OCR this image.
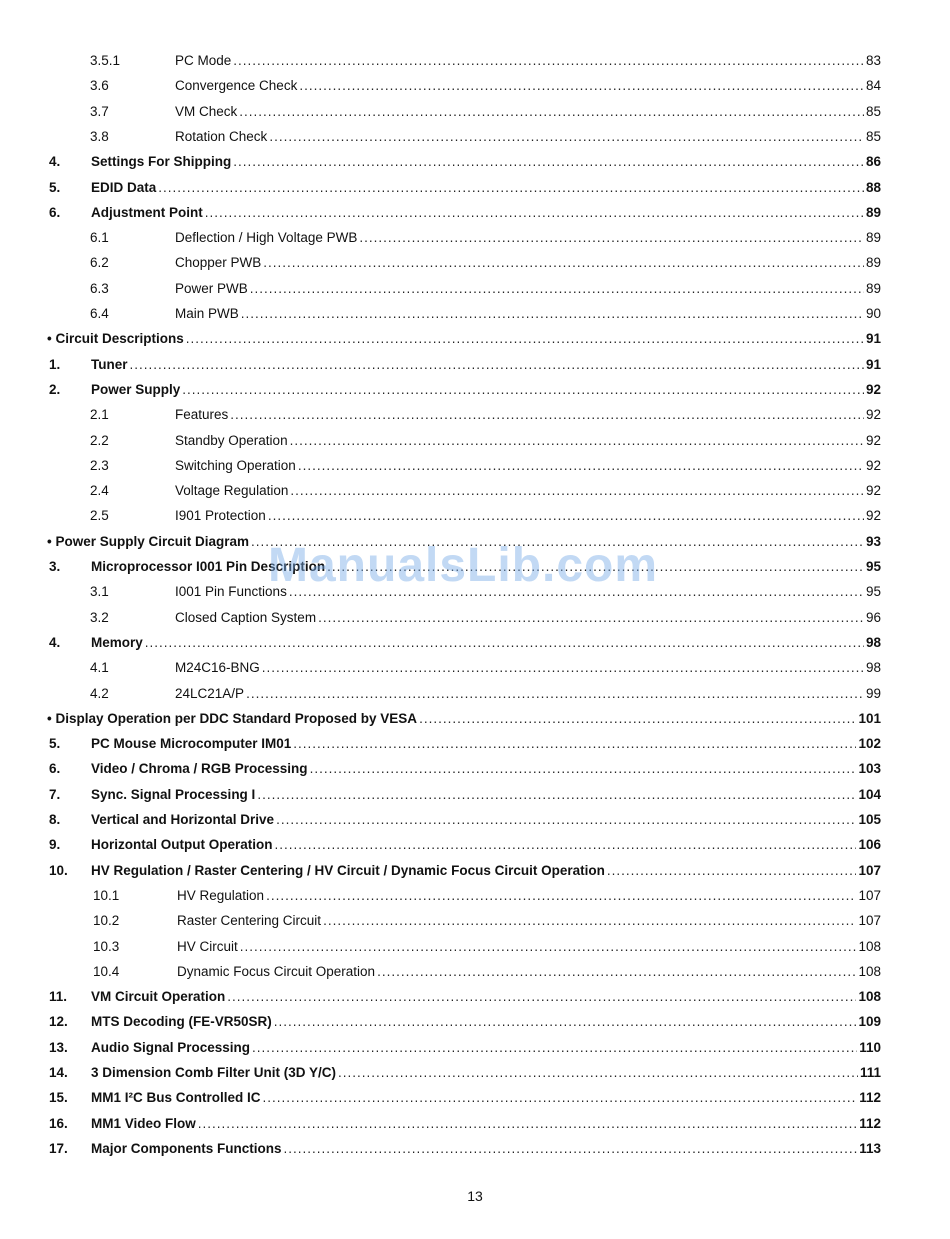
3.5.1	PC Mode .....	83
3.6	Convergence Check .....	84
3.7	VM Check .....	85
3.8	Rotation Check .....	85
4.	Settings For Shipping .....	86
5.	EDID Data .....	88
6.	Adjustment Point .....	89
6.1	Deflection / High Voltage PWB .....	89
6.2	Chopper PWB .....	89
6.3	Power PWB .....	89
6.4	Main PWB .....	90
• Circuit Descriptions .....	91
1.	Tuner .....	91
2.	Power Supply .....	92
2.1	Features .....	92
2.2	Standby Operation .....	92
2.3	Switching Operation .....	92
2.4	Voltage Regulation .....	92
2.5	I901 Protection .....	92
• Power Supply Circuit Diagram .....	93
3.	Microprocessor I001 Pin Description .....	95
3.1	I001 Pin Functions .....	95
3.2	Closed Caption System .....	96
4.	Memory .....	98
4.1	M24C16-BNG .....	98
4.2	24LC21A/P .....	99
• Display Operation per DDC Standard Proposed by VESA .....	101
5.	PC Mouse Microcomputer IM01 .....	102
6.	Video / Chroma / RGB Processing .....	103
7.	Sync. Signal Processing I .....	104
8.	Vertical and Horizontal Drive .....	105
9.	Horizontal Output Operation .....	106
10.	HV Regulation / Raster Centering / HV Circuit / Dynamic Focus Circuit Operation .....	107
10.1	HV Regulation .....	107
10.2	Raster Centering Circuit .....	107
10.3	HV Circuit .....	108
10.4	Dynamic Focus Circuit Operation .....	108
11.	VM Circuit Operation .....	108
12.	MTS Decoding (FE-VR50SR) .....	109
13.	Audio Signal Processing .....	110
14.	3 Dimension Comb Filter Unit (3D Y/C) .....	111
15.	MM1 I²C Bus Controlled IC .....	112
16.	MM1 Video Flow .....	112
17.	Major Components Functions .....	113
ManualsLib.com
13
